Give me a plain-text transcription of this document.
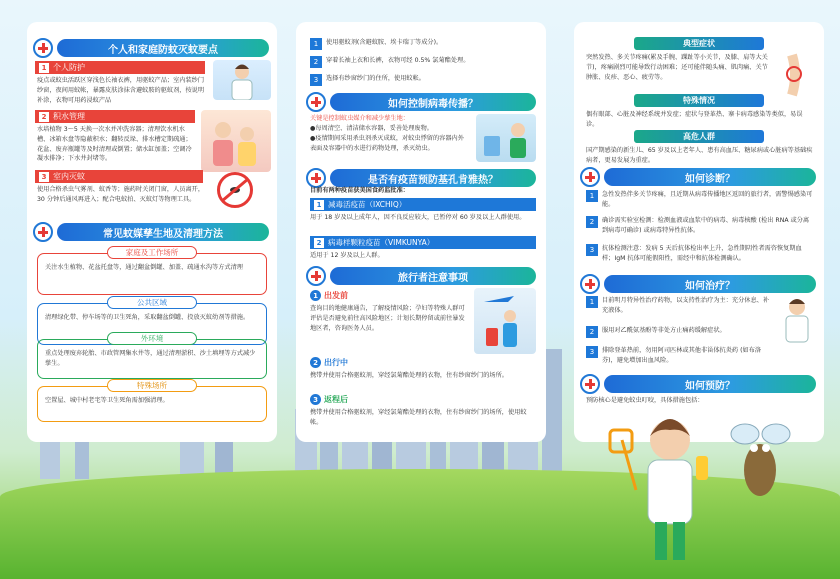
个人和家庭防蚊灭蚊要点
1 个人防护
疫点或蚊虫活跃区穿浅色长袖衣裤，用驱蚊产品；室内装纱门纱窗，夜间用蚊帐，暴露皮肤涂抹含避蚊胺的驱蚊剂，按说明补涂，衣物可用药浸蚊产品
2 积水管理
水培植物 3～5 天换一次水并冲洗容器；清理饮水机水槽、冰箱水盘等隐蔽积水；翻转反垛、排水槽定期疏通；花盆、废弃瓶罐等及时清理或倒置；储水缸加盖；空调冷凝水排净；下水井封堵等。
3 室内灭蚊
使用合格杀虫气雾剂、蚊香等；施药时关闭门窗，人员离开，30 分钟后通风再进入；配合电蚊拍、灭蚊灯等物理工具。
常见蚊媒孳生地及清理方法
家庭及工作场所
关注水生植物、花盆托盘等，通过翻盆倒罐、加盖、疏通水沟等方式清理
公共区域
清理绿化带、停车场等的卫生死角，采取翻盆倒罐、投放灭蚊幼剂等措施。
外环境
重点处理废弃轮胎、市政管网集水井等，通过清理淤积、沙土填埋等方式减少孳生。
特殊场所
空置屋、城中村老宅等卫生死角需加强清理。
1	使用驱蚊剂(含避蚊胺、埃卡瑞丁等成分)。
2	穿着长袖上衣和长裤，衣物可经 0.5% 氯菊酯处理。
3	选择有纱窗纱门的住所，使用蚊帐。
如何控制病毒传播？
关键是控制蚊虫媒介和减少孳生地：
●每周清空、清洁储水容器，妥善处理废物。
●疫情期间采用杀虫剂杀灭成蚊，对蚊虫悸留的容器内外表面及容器中的水进行药物处理，杀灭幼虫。
是否有疫苗预防基孔肯雅热？
目前有两种疫苗获美国食药监批准：
1 减毒活疫苗（IXCHIQ）
用于 18 岁及以上成年人，因不良反应较大，已暂停对 60 岁及以上人群使用。
2 病毒样颗粒疫苗（VIMKUNYA）
适用于 12 岁及以上人群。
旅行者注意事项
1 出发前
查询目的地健康通告，了解疫情风险；孕妇等特殊人群可评估是否避免前往高风险地区；计划长期停留或前往暴发地区者，咨询医务人员。
2 出行中
携带并使用合格驱蚊剂，穿经氯菊酯处理的衣物，住有纱窗纱门的场所。
3 返程后
携带并使用合格驱蚊剂，穿经氯菊酯处理的衣物，住有纱窗纱门的场所，使用蚊帐。
典型症状
突然发热、多关节疼痛(累及手腕、踝趾等小关节，及膝、肩等大关节)，疼痛剧烈可能导致行动困难；还可能伴随头痛、肌肉痛、关节肿胀、皮疹、恶心、疲劳等。
特殊情况
偶有眼部、心脏及神经系统并发症；症状与登革热、寨卡病毒感染等类似，易误诊。
高危人群
国产期感染的新生儿、65 岁及以上老年人、患有高血压、糖尿病或心脏病等基础疾病者，更易发展为重症。
如何诊断？
1	急性发热伴多关节疼痛，且近期从病毒传播地区返回的旅行者，需警惕感染可能。
2	确诊需实验室检测：检测血液或血浆中的病毒、病毒核酸 (检出 RNA 或分离到病毒可确诊) 或病毒特异性抗体。
3	抗体检测注意：发病 5 天后抗体检出率上升，急性期阴性者需咨恢复期血样；IgM 抗体可能假阳性，需经中和抗体检测确认。
如何治疗？
1	目前明月特异性治疗药物，以支持性治疗为主：充分休息、补充液体。
2	服用对乙酰氨基酚等非处方止痛药缓解症状。
3	排除登革热前，勿用阿司匹林或其他非甾体抗炎药 (如布洛芬)，避免增加出血风险。
如何预防？
预防核心是避免蚊虫叮咬，具体措施包括：
